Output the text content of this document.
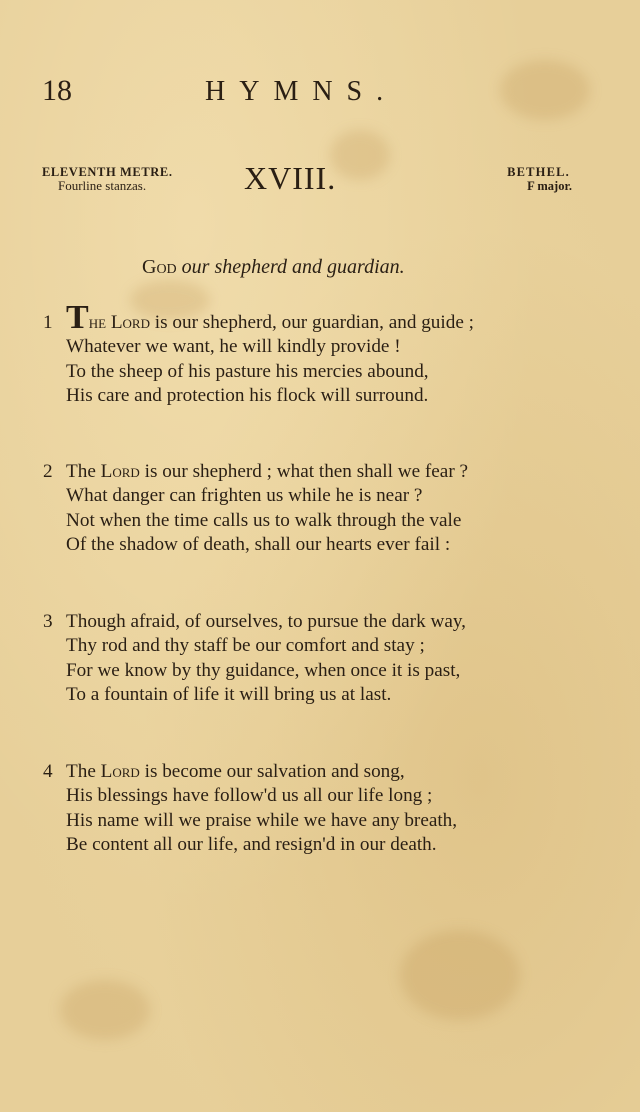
18	HYMNS.
ELEVENTH METRE.
Fourline stanzas.	XVIII.	BETHEL.
F major.
God our shepherd and guardian.
1 The Lord is our shepherd, our guardian, and guide ;
Whatever we want, he will kindly provide !
To the sheep of his pasture his mercies abound,
His care and protection his flock will surround.
2 The Lord is our shepherd ; what then shall we fear ?
What danger can frighten us while he is near ?
Not when the time calls us to walk through the vale
Of the shadow of death, shall our hearts ever fail :
3 Though afraid, of ourselves, to pursue the dark way,
Thy rod and thy staff be our comfort and stay ;
For we know by thy guidance, when once it is past,
To a fountain of life it will bring us at last.
4 The Lord is become our salvation and song,
His blessings have follow'd us all our life long ;
His name will we praise while we have any breath,
Be content all our life, and resign'd in our death.
